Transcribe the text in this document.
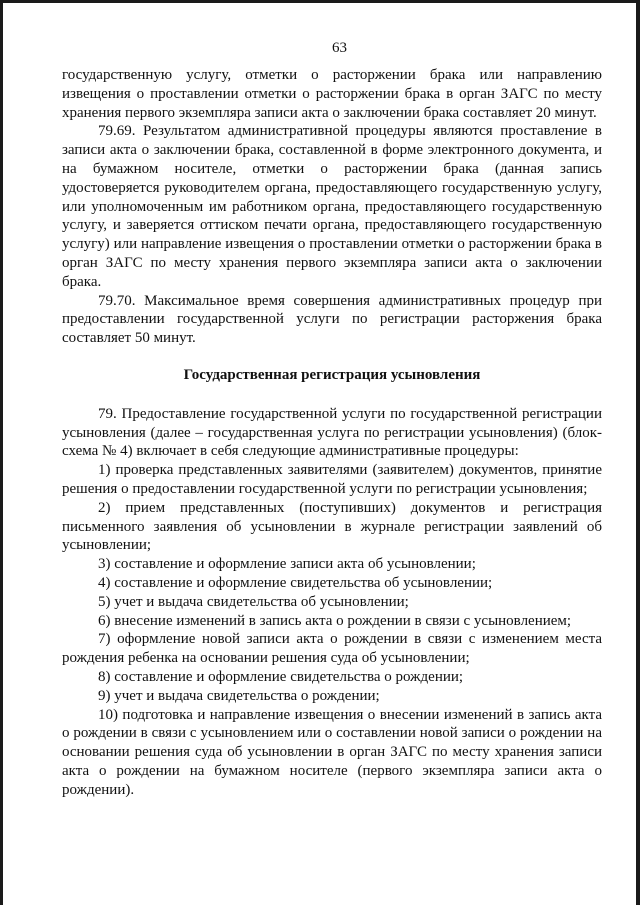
63

государственную услугу, отметки о расторжении брака или направлению извещения о проставлении отметки о расторжении брака в орган ЗАГС по месту хранения первого экземпляра записи акта о заключении брака составляет 20 минут.

79.69. Результатом административной процедуры являются проставление в записи акта о заключении брака, составленной в форме электронного документа, и на бумажном носителе, отметки о расторжении брака (данная запись удостоверяется руководителем органа, предоставляющего государственную услугу, или уполномоченным им работником органа, предоставляющего государственную услугу, и заверяется оттиском печати органа, предоставляющего государственную услугу) или направление извещения о проставлении отметки о расторжении брака в орган ЗАГС по месту хранения первого экземпляра записи акта о заключении брака.

79.70. Максимальное время совершения административных процедур при предоставлении государственной услуги по регистрации расторжения брака составляет 50 минут.

Государственная регистрация усыновления

79. Предоставление государственной услуги по государственной регистрации усыновления (далее – государственная услуга по регистрации усыновления) (блок-схема № 4) включает в себя следующие административные процедуры:

1) проверка представленных заявителями (заявителем) документов, принятие решения о предоставлении государственной услуги по регистрации усыновления;

2) прием представленных (поступивших) документов и регистрация письменного заявления об усыновлении в журнале регистрации заявлений об усыновлении;

3) составление и оформление записи акта об усыновлении;

4) составление и оформление свидетельства об усыновлении;

5) учет и выдача свидетельства об усыновлении;

6) внесение изменений в запись акта о рождении в связи с усыновлением;

7) оформление новой записи акта о рождении в связи с изменением места рождения ребенка на основании решения суда об усыновлении;

8) составление и оформление свидетельства о рождении;

9) учет и выдача свидетельства о рождении;

10) подготовка и направление извещения о внесении изменений в запись акта о рождении в связи с усыновлением или о составлении новой записи о рождении на основании решения суда об усыновлении в орган ЗАГС по месту хранения записи акта о рождении на бумажном носителе (первого экземпляра записи акта о рождении).
